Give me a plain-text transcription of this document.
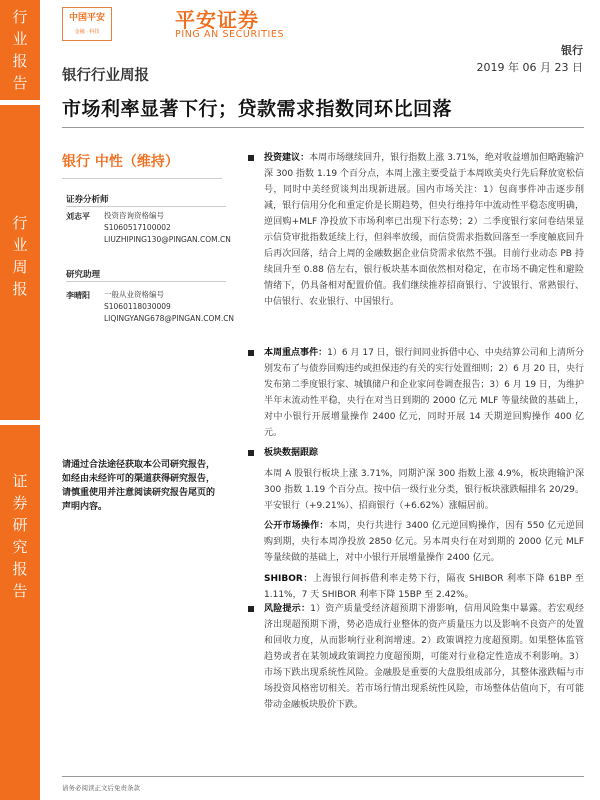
行
业
报
告
行
业
周
报
证
券
研
究
报
告
中国平安
金融 · 科技	平安证券
PING AN SECURITIES
银行
2019 年 06 月 23 日
银行行业周报
市场利率显著下行；贷款需求指数同环比回落
银行 中性（维持）
证券分析师
刘志平 投资咨询资格编号
S1060517100002
LIUZHIPING130@PINGAN.COM.CN
研究助理
李晴阳 一般从业资格编号
S1060118030009
LIQINGYANG678@PINGAN.COM.CN
请通过合法途径获取本公司研究报告，如经由未经许可的渠道获得研究报告，请慎重使用并注意阅读研究报告尾页的声明内容。
投资建议：本周市场继续回升，银行指数上涨 3.71%，绝对收益增加但略跑输沪深 300 指数 1.19 个百分点，本周上涨主要受益于本周欧美央行先后释放宽松信号，同时中美经贸谈判出现新进展。国内市场关注：1）包商事件冲击逐步削减，银行信用分化和重定价是长期趋势，但央行维持年中流动性平稳态度明确，逆回购+MLF 净投放下市场利率已出现下行态势；2）二季度银行家问卷结果显示信贷审批指数延续上行，但斜率放缓，而信贷需求指数回落至一季度触底回升后再次回落，结合上周的金融数据企业信贷需求依然不强。目前行业动态 PB 持续回升至 0.88 倍左右，银行板块基本面依然相对稳定，在市场不确定性和避险情绪下，仍具备相对配置价值。我们继续推荐招商银行、宁波银行、常熟银行、中信银行、农业银行、中国银行。
本周重点事件：1）6 月 17 日，银行间同业拆借中心、中央结算公司和上清所分别发布了与债券回购违约或担保违约有关的实行处置细则；2）6 月 20 日，央行发布第二季度银行家、城镇储户和企业家问卷调查报告；3）6 月 19 日，为维护半年末流动性平稳，央行在对当日到期的 2000 亿元 MLF 等量续做的基础上，对中小银行开展增量操作 2400 亿元，同时开展 14 天期逆回购操作 400 亿元。
板块数据跟踪
本周 A 股银行板块上涨 3.71%，同期沪深 300 指数上涨 4.9%，板块跑输沪深 300 指数 1.19 个百分点。按中信一级行业分类，银行板块涨跌幅排名 20/29。平安银行（+9.21%）、招商银行（+6.62%）涨幅居前。
公开市场操作：本周，央行共进行 3400 亿元逆回购操作，因有 550 亿元逆回购到期，央行本周净投放 2850 亿元。另本周央行在对到期的 2000 亿元 MLF 等量续做的基础上，对中小银行开展增量操作 2400 亿元。
SHIBOR：上海银行间拆借利率走势下行，隔夜 SHIBOR 利率下降 61BP 至 1.11%，7 天 SHIBOR 利率下降 15BP 至 2.42%。
风险提示：1）资产质量受经济超预期下滑影响，信用风险集中暴露。若宏观经济出现超预期下滑，势必造成行业整体的资产质量压力以及影响不良资产的处置和回收力度，从而影响行业利润增速。2）政策调控力度超预期。如果整体监管趋势或者在某领域政策调控力度超预期，可能对行业稳定性造成不利影响。3）市场下跌出现系统性风险。金融股是重要的大盘股组成部分，其整体涨跌幅与市场投资风格密切相关。若市场行情出现系统性风险，市场整体估值向下，有可能带动金融板块股价下跌。
请务必阅读正文后免责条款
